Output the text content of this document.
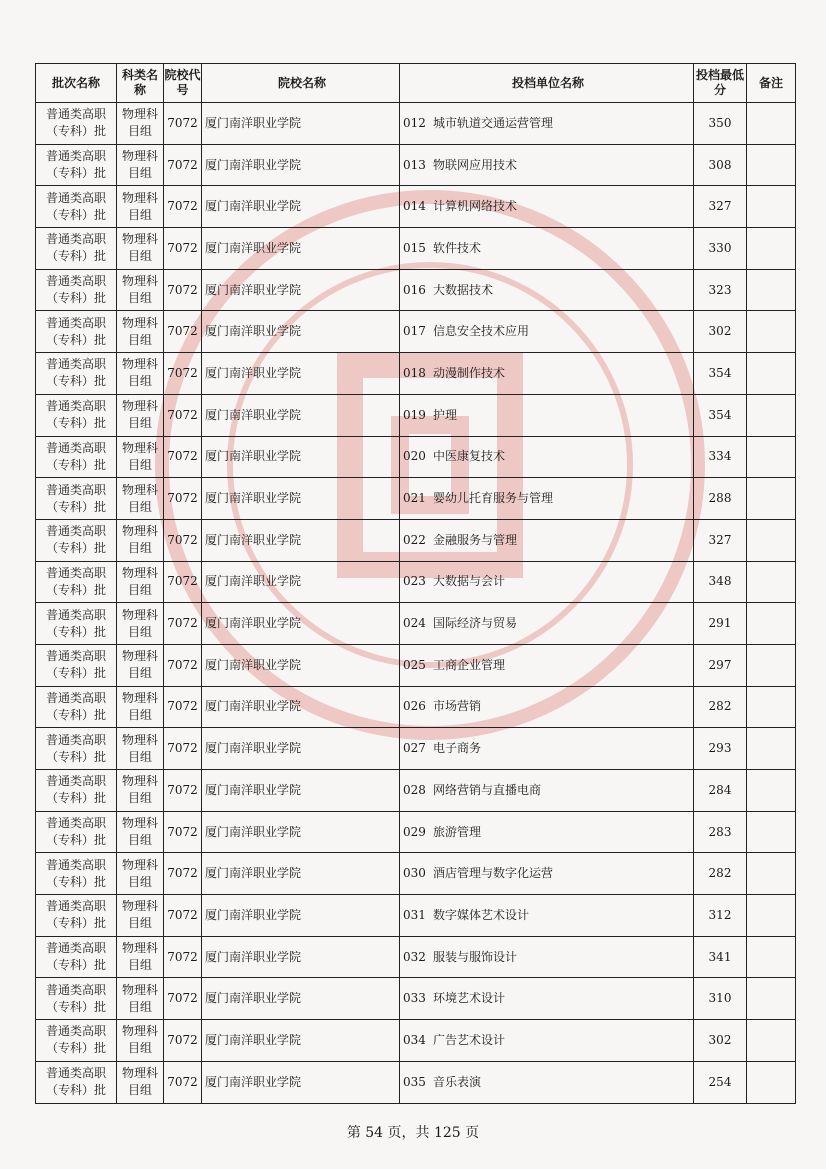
批次名称	科类名称	院校代号	院校名称	投档单位名称	投档最低分	备注
普通类高职（专科）批	物理科目组	7072	厦门南洋职业学院	012 城市轨道交通运营管理	350	
普通类高职（专科）批	物理科目组	7072	厦门南洋职业学院	013 物联网应用技术	308	
普通类高职（专科）批	物理科目组	7072	厦门南洋职业学院	014 计算机网络技术	327	
普通类高职（专科）批	物理科目组	7072	厦门南洋职业学院	015 软件技术	330	
普通类高职（专科）批	物理科目组	7072	厦门南洋职业学院	016 大数据技术	323	
普通类高职（专科）批	物理科目组	7072	厦门南洋职业学院	017 信息安全技术应用	302	
普通类高职（专科）批	物理科目组	7072	厦门南洋职业学院	018 动漫制作技术	354	
普通类高职（专科）批	物理科目组	7072	厦门南洋职业学院	019 护理	354	
普通类高职（专科）批	物理科目组	7072	厦门南洋职业学院	020 中医康复技术	334	
普通类高职（专科）批	物理科目组	7072	厦门南洋职业学院	021 婴幼儿托育服务与管理	288	
普通类高职（专科）批	物理科目组	7072	厦门南洋职业学院	022 金融服务与管理	327	
普通类高职（专科）批	物理科目组	7072	厦门南洋职业学院	023 大数据与会计	348	
普通类高职（专科）批	物理科目组	7072	厦门南洋职业学院	024 国际经济与贸易	291	
普通类高职（专科）批	物理科目组	7072	厦门南洋职业学院	025 工商企业管理	297	
普通类高职（专科）批	物理科目组	7072	厦门南洋职业学院	026 市场营销	282	
普通类高职（专科）批	物理科目组	7072	厦门南洋职业学院	027 电子商务	293	
普通类高职（专科）批	物理科目组	7072	厦门南洋职业学院	028 网络营销与直播电商	284	
普通类高职（专科）批	物理科目组	7072	厦门南洋职业学院	029 旅游管理	283	
普通类高职（专科）批	物理科目组	7072	厦门南洋职业学院	030 酒店管理与数字化运营	282	
普通类高职（专科）批	物理科目组	7072	厦门南洋职业学院	031 数字媒体艺术设计	312	
普通类高职（专科）批	物理科目组	7072	厦门南洋职业学院	032 服装与服饰设计	341	
普通类高职（专科）批	物理科目组	7072	厦门南洋职业学院	033 环境艺术设计	310	
普通类高职（专科）批	物理科目组	7072	厦门南洋职业学院	034 广告艺术设计	302	
普通类高职（专科）批	物理科目组	7072	厦门南洋职业学院	035 音乐表演	254	
第 54 页，共 125 页
